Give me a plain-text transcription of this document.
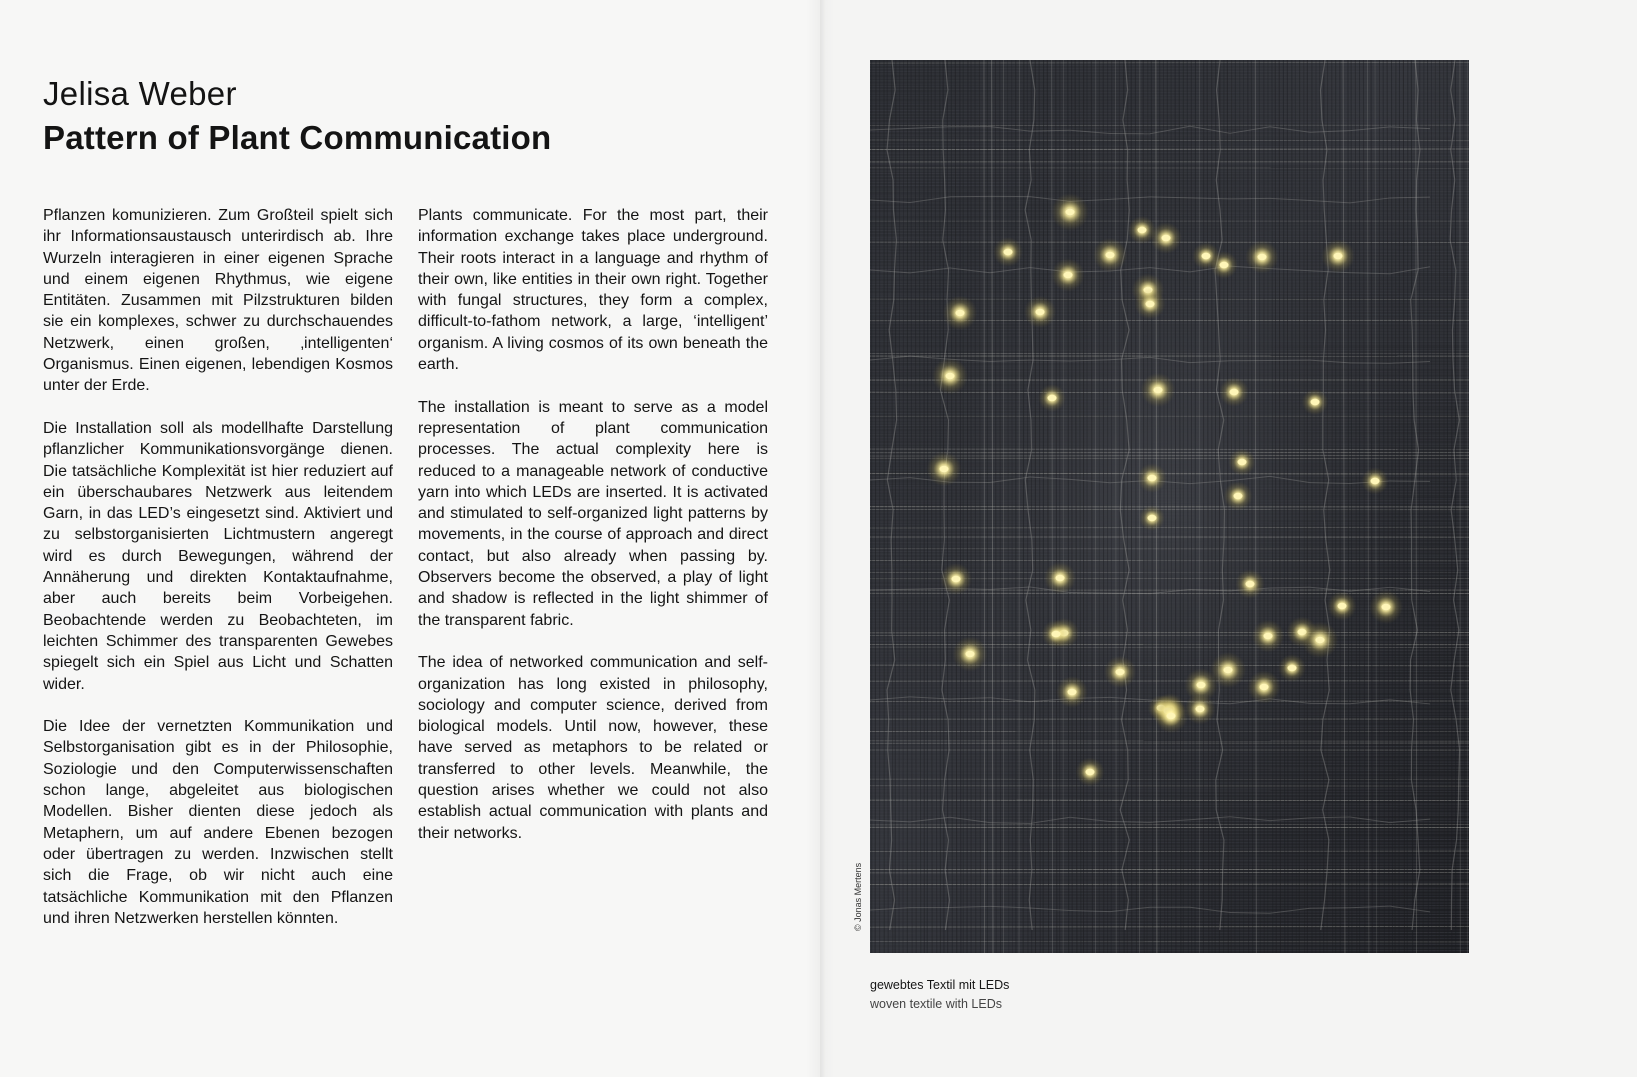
Jelisa Weber
Pattern of Plant Communication

Pflanzen komunizieren. Zum Großteil spielt sich ihr Informationsaustausch unterirdisch ab. Ihre Wurzeln interagieren in einer eigenen Sprache und einem eigenen Rhythmus, wie eigene Entitäten. Zusammen mit Pilzstrukturen bilden sie ein komplexes, schwer zu durchschauendes Netzwerk, einen großen, ‚intelligenten‘ Organismus. Einen eigenen, lebendigen Kosmos unter der Erde.

Die Installation soll als modellhafte Darstellung pflanzlicher Kommunikationsvorgänge dienen. Die tatsächliche Komplexität ist hier reduziert auf ein überschaubares Netzwerk aus leitendem Garn, in das LED’s eingesetzt sind. Aktiviert und zu selbstorganisierten Lichtmustern angeregt wird es durch Bewegungen, während der Annäherung und direkten Kontaktaufnahme, aber auch bereits beim Vorbeigehen. Beobachtende werden zu Beobachteten, im leichten Schimmer des transparenten Gewebes spiegelt sich ein Spiel aus Licht und Schatten wider.

Die Idee der vernetzten Kommunikation und Selbstorganisation gibt es in der Philosophie, Soziologie und den Computerwissenschaften schon lange, abgeleitet aus biologischen Modellen. Bisher dienten diese jedoch als Metaphern, um auf andere Ebenen bezogen oder übertragen zu werden. Inzwischen stellt sich die Frage, ob wir nicht auch eine tatsächliche Kommunikation mit den Pflanzen und ihren Netzwerken herstellen könnten.

Plants communicate. For the most part, their information exchange takes place underground. Their roots interact in a language and rhythm of their own, like entities in their own right. Together with fungal structures, they form a complex, difficult-to-fathom network, a large, ‘intelligent’ organism. A living cosmos of its own beneath the earth.

The installation is meant to serve as a model representation of plant communication processes. The actual complexity here is reduced to a manageable network of conductive yarn into which LEDs are inserted. It is activated and stimulated to self-organized light patterns by movements, in the course of approach and direct contact, but also already when passing by. Observers become the observed, a play of light and shadow is reflected in the light shimmer of the transparent fabric.

The idea of networked communication and self-organization has long existed in philosophy, sociology and computer science, derived from biological models. Until now, however, these have served as metaphors to be related or transferred to other levels. Meanwhile, the question arises whether we could not also establish actual communication with plants and their networks.

© Jonas Mertens
gewebtes Textil mit LEDs
woven textile with LEDs
